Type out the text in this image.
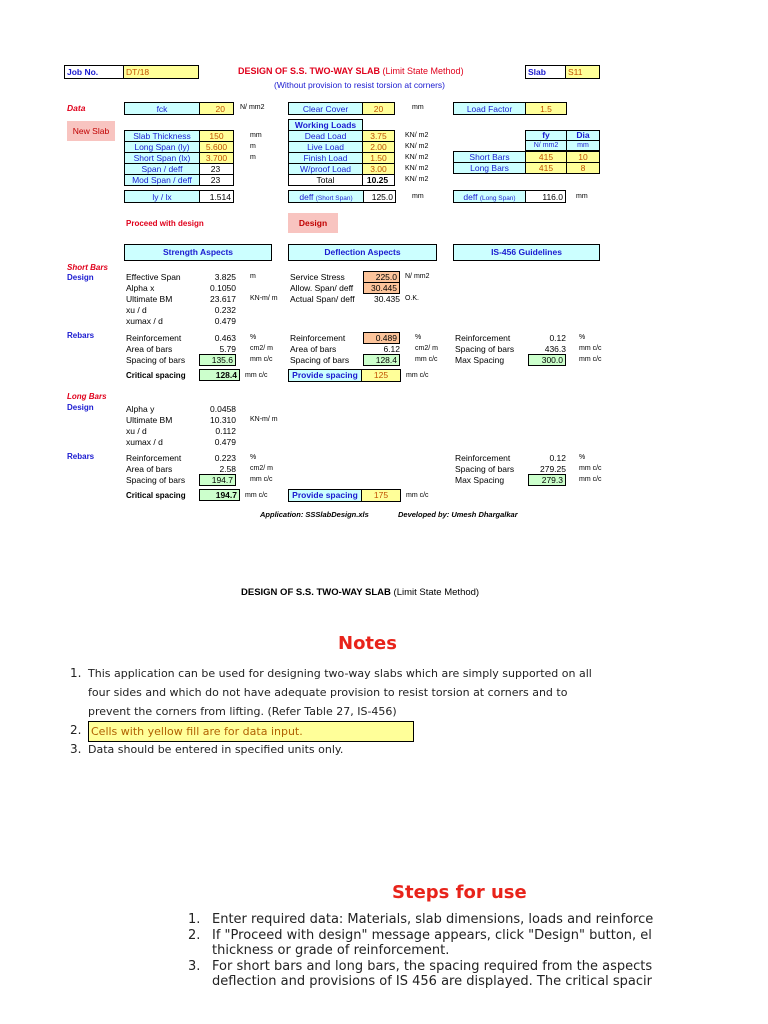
Job No.	DT/18	DESIGN OF S.S. TWO-WAY SLAB (Limit State Method)
(Without provision to resist torsion at corners)
Slab	S11
Data	fck	20	N/ mm2	Clear Cover	20	mm	Load Factor	1.5
New Slab	Slab Thickness	150	mm
Long Span (ly)	5.600	m
Short Span (lx)	3.700	m
Span / deff	23
Mod Span / deff	23
Working Loads
Dead Load	3.75	KN/ m2
Live Load	2.00	KN/ m2
Finish Load	1.50	KN/ m2
W/proof Load	3.00	KN/ m2
Total	10.25	KN/ m2
fy	Dia
N/ mm2	mm
Short Bars	415	10
Long Bars	415	8
ly / lx	1.514	deff (Short Span)	125.0	mm	deff (Long Span)	116.0	mm
Proceed with design	Design
Strength Aspects	Deflection Aspects	IS-456 Guidelines
Short Bars
Design
Rebars
Effective Span	3.825 m
Alpha x	0.1050
Ultimate BM	23.617 KN-m/ m
xu / d	0.232
xumax / d	0.479
Service Stress	225.0	N/ mm2
Allow. Span/ deff	30.445
Actual Span/ deff	30.435 O.K.
Reinforcement	0.463 %
Area of bars	5.79 cm2/ m
Spacing of bars	135.6	mm c/c
Reinforcement	0.489	%
Area of bars	6.12 cm2/ m
Spacing of bars	128.4	mm c/c
Reinforcement	0.12 %
Spacing of bars	436.3 mm c/c
Max Spacing	300.0	mm c/c
Critical spacing	128.4	mm c/c	Provide spacing	125	mm c/c
Long Bars
Design
Rebars
Alpha y	0.0458
Ultimate BM	10.310 KN-m/ m
xu / d	0.112
xumax / d	0.479
Reinforcement	0.223 %
Area of bars	2.58 cm2/ m
Spacing of bars	194.7	mm c/c
Reinforcement	0.12 %
Spacing of bars	279.25 mm c/c
Max Spacing	279.3	mm c/c
Critical spacing	194.7	mm c/c	Provide spacing	175	mm c/c
Application: SSSlabDesign.xls	Developed by: Umesh Dhargalkar
DESIGN OF S.S. TWO-WAY SLAB (Limit State Method)
Notes
1. This application can be used for designing two-way slabs which are simply supported on all
four sides and which do not have adequate provision to resist torsion at corners and to
prevent the corners from lifting. (Refer Table 27, IS-456)
2. Cells with yellow fill are for data input.
3. Data should be entered in specified units only.
Steps for use
1. Enter required data: Materials, slab dimensions, loads and reinforce
2. If "Proceed with design" message appears, click "Design" button, el
thickness or grade of reinforcement.
3. For short bars and long bars, the spacing required from the aspects
deflection and provisions of IS 456 are displayed. The critical spacir
